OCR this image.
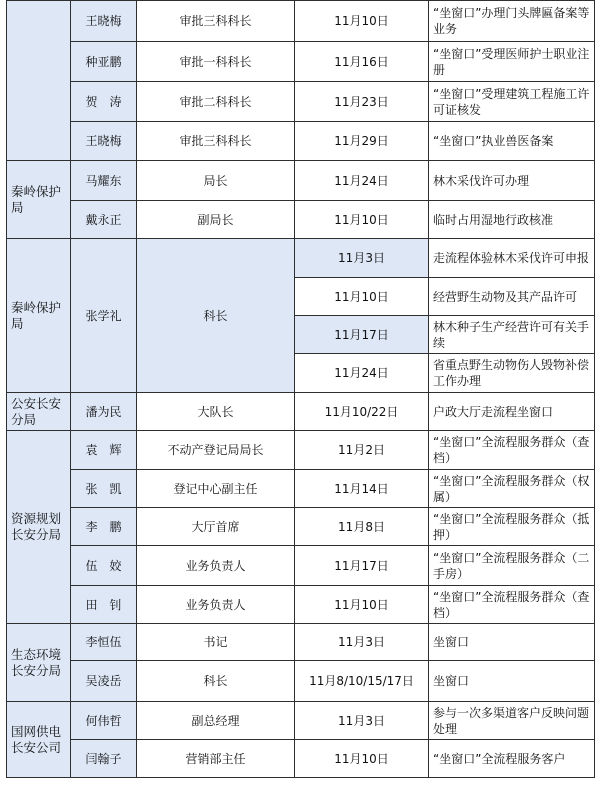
	王晓梅	审批三科科长	11月10日	“坐窗口”办理门头牌匾备案等业务
	种亚鹏	审批一科科长	11月16日	“坐窗口”受理医师护士职业注册
	贺　涛	审批二科科长	11月23日	“坐窗口”受理建筑工程施工许可证核发
	王晓梅	审批三科科长	11月29日	“坐窗口”执业兽医备案
秦岭保护局	马耀东	局长	11月24日	林木采伐许可办理
	戴永正	副局长	11月10日	临时占用湿地行政核准
秦岭保护局	张学礼	科长	11月3日	走流程体验林木采伐许可申报
			11月10日	经营野生动物及其产品许可
			11月17日	林木种子生产经营许可有关手续
			11月24日	省重点野生动物伤人毁物补偿工作办理
公安长安分局	潘为民	大队长	11月10/22日	户政大厅走流程坐窗口
资源规划长安分局	袁　辉	不动产登记局局长	11月2日	“坐窗口”全流程服务群众（查档）
	张　凯	登记中心副主任	11月14日	“坐窗口”全流程服务群众（权属）
	李　鹏	大厅首席	11月8日	“坐窗口”全流程服务群众（抵押）
	伍　姣	业务负责人	11月17日	“坐窗口”全流程服务群众（二手房）
	田　钊	业务负责人	11月10日	“坐窗口”全流程服务群众（查档）
生态环境长安分局	李恒伍	书记	11月3日	坐窗口
	吴凌岳	科长	11月8/10/15/17日	坐窗口
国网供电长安公司	何伟哲	副总经理	11月3日	参与一次多渠道客户反映问题处理
	闫翰子	营销部主任	11月10日	“坐窗口”全流程服务客户
